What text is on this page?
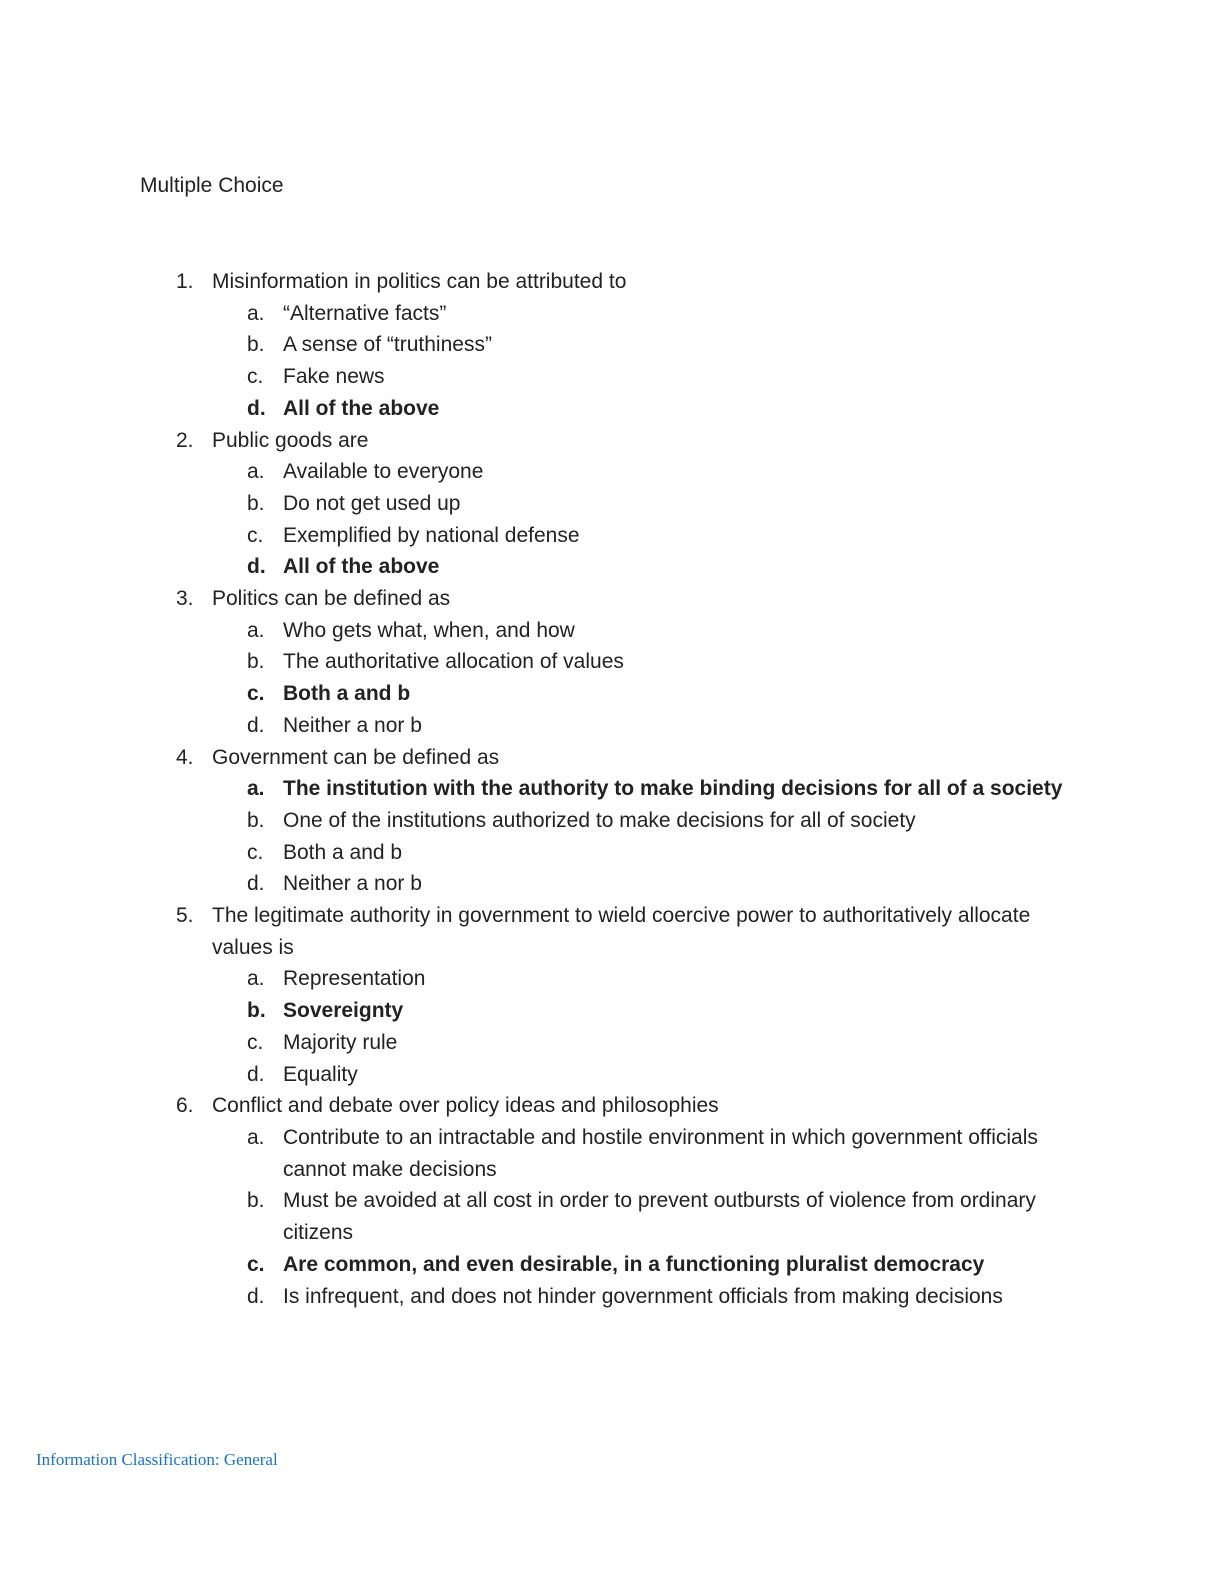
Multiple Choice
1. Misinformation in politics can be attributed to
a. “Alternative facts”
b. A sense of “truthiness”
c. Fake news
d. All of the above
2. Public goods are
a. Available to everyone
b. Do not get used up
c. Exemplified by national defense
d. All of the above
3. Politics can be defined as
a. Who gets what, when, and how
b. The authoritative allocation of values
c. Both a and b
d. Neither a nor b
4. Government can be defined as
a. The institution with the authority to make binding decisions for all of a society
b. One of the institutions authorized to make decisions for all of society
c. Both a and b
d. Neither a nor b
5. The legitimate authority in government to wield coercive power to authoritatively allocate values is
a. Representation
b. Sovereignty
c. Majority rule
d. Equality
6. Conflict and debate over policy ideas and philosophies
a. Contribute to an intractable and hostile environment in which government officials cannot make decisions
b. Must be avoided at all cost in order to prevent outbursts of violence from ordinary citizens
c. Are common, and even desirable, in a functioning pluralist democracy
d. Is infrequent, and does not hinder government officials from making decisions
Information Classification: General
